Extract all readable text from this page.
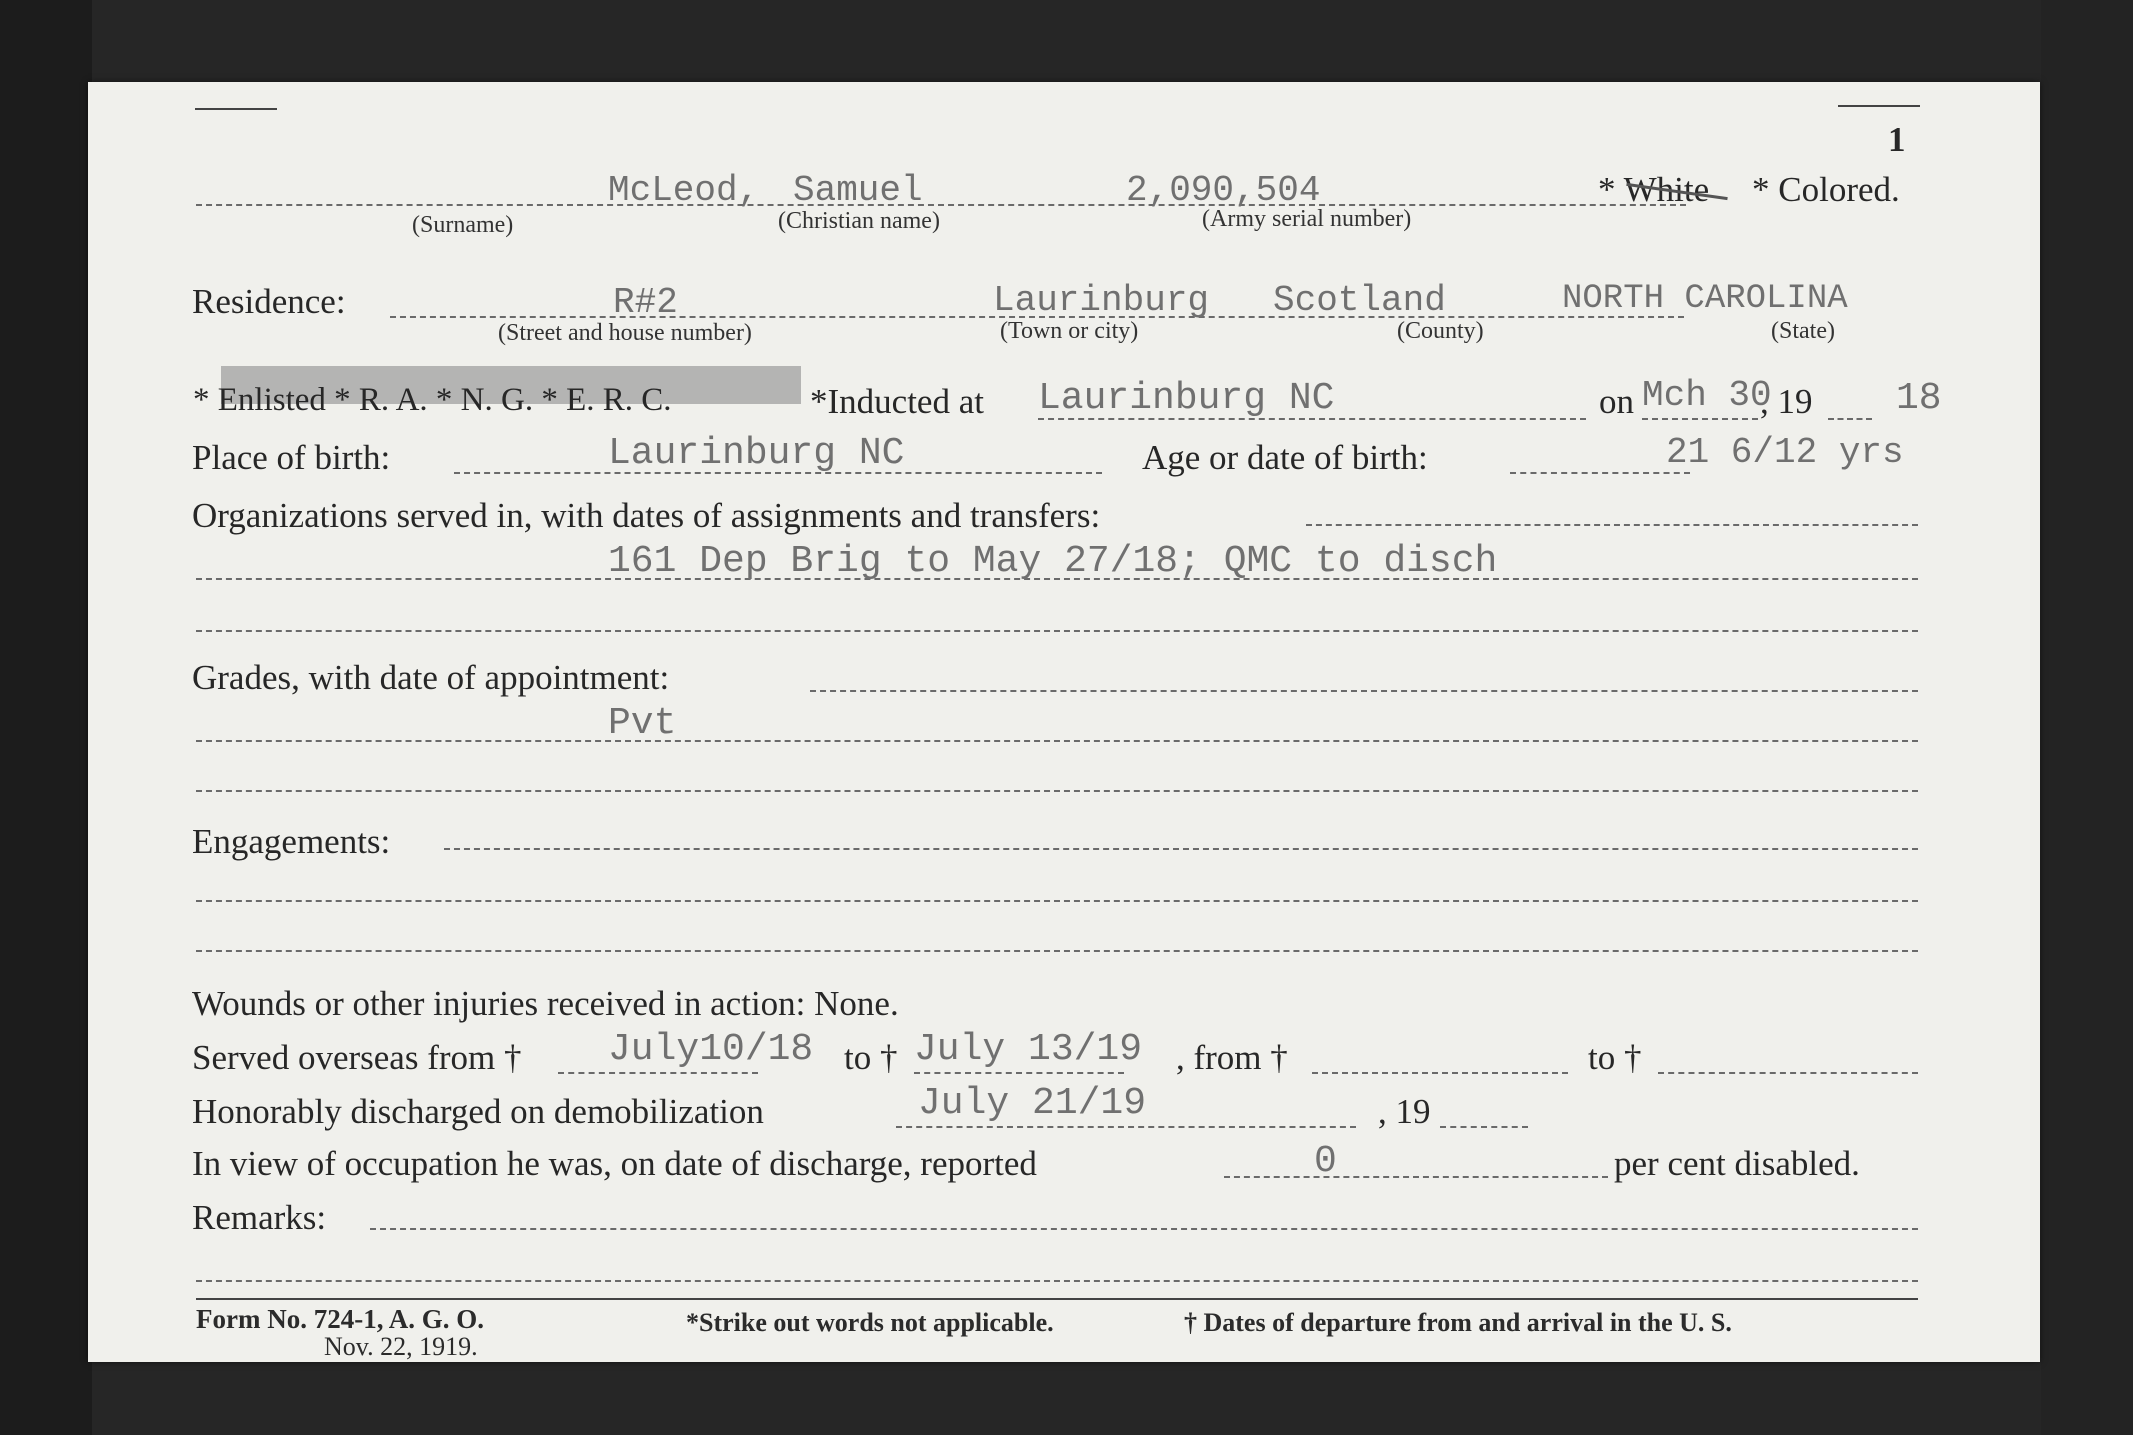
1
McLeod, Samuel	2,090,504
(Surname)	(Christian name)	(Army serial number)
* White * Colored.
Residence:	R#2	Laurinburg Scotland	NORTH CAROLINA
(Street and house number)	(Town or city)	(County)	(State)
* Enlisted * R. A. * N. G. * E. R. C.	*Inducted at Laurinburg NC	on Mch 30
, 19 18
Place of birth:	Laurinburg NC	Age or date of birth:	21 6/12 yrs
Organizations served in, with dates of assignments and transfers:
161 Dep Brig to May 27/18; QMC to disch
Grades, with date of appointment:
Pvt
Engagements:
Wounds or other injuries received in action: None.
Served overseas from † July10/18 to † July 13/19 , from †	to †
Honorably discharged on demobilization	July 21/19	, 19
In view of occupation he was, on date of discharge, reported	0	per cent disabled.
Remarks:
Form No. 724-1, A. G. O.
Nov. 22, 1919.
*Strike out words not applicable.	† Dates of departure from and arrival in the U. S.
